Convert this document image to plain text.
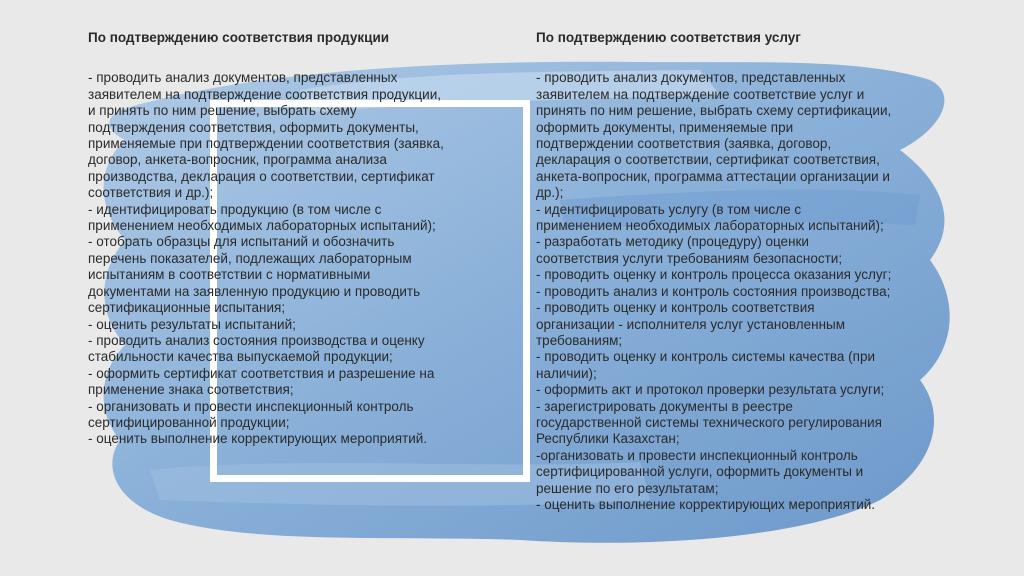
По подтверждению соответствия продукции

- проводить анализ документов, представленных
заявителем на подтверждение соответствия продукции,
и принять по ним решение, выбрать схему
подтверждения соответствия, оформить документы,
применяемые при подтверждении соответствия (заявка,
договор, анкета-вопросник, программа анализа
производства, декларация о соответствии, сертификат
соответствия и др.);
- идентифицировать продукцию (в том числе с
применением необходимых лабораторных испытаний);
- отобрать образцы для испытаний и обозначить
перечень показателей, подлежащих лабораторным
испытаниям в соответствии с нормативными
документами на заявленную продукцию и проводить
сертификационные испытания;
- оценить результаты испытаний;
- проводить анализ состояния производства и оценку
стабильности качества выпускаемой продукции;
- оформить сертификат соответствия и разрешение на
применение знака соответствия;
- организовать и провести инспекционный контроль
сертифицированной продукции;
- оценить выполнение корректирующих мероприятий.

По подтверждению соответствия услуг

- проводить анализ документов, представленных
заявителем на подтверждение соответствие услуг и
принять по ним решение, выбрать схему сертификации,
оформить документы, применяемые при
подтверждении соответствия (заявка, договор,
декларация о соответствии, сертификат соответствия,
анкета-вопросник, программа аттестации организации и
др.);
- идентифицировать услугу (в том числе с
применением необходимых лабораторных испытаний);
- разработать методику (процедуру) оценки
соответствия услуги требованиям безопасности;
- проводить оценку и контроль процесса оказания услуг;
- проводить анализ и контроль состояния производства;
- проводить оценку и контроль соответствия
организации - исполнителя услуг установленным
требованиям;
- проводить оценку и контроль системы качества (при
наличии);
- оформить акт и протокол проверки результата услуги;
- зарегистрировать документы в реестре
государственной системы технического регулирования
Республики Казахстан;
-организовать и провести инспекционный контроль
сертифицированной услуги, оформить документы и
решение по его результатам;
- оценить выполнение корректирующих мероприятий.
